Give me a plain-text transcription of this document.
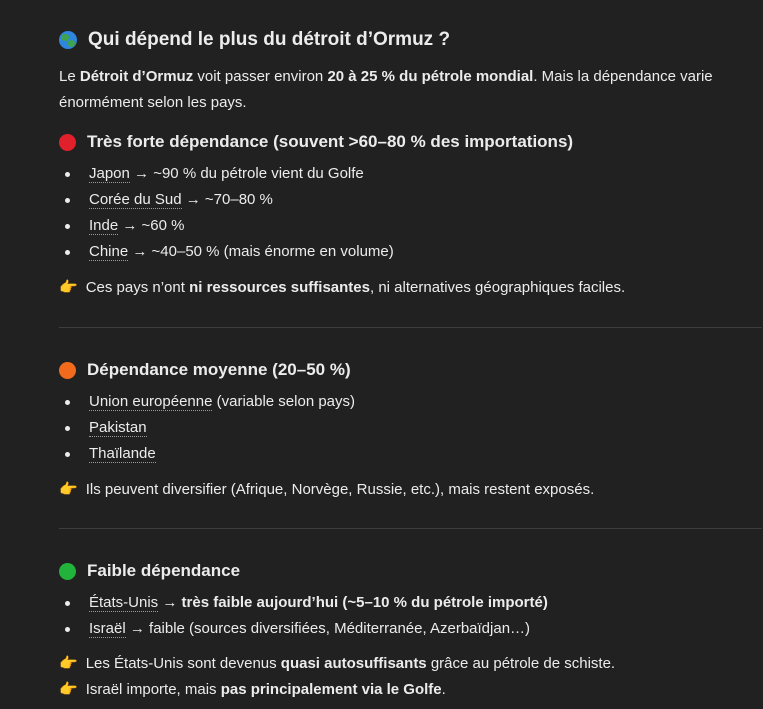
Qui dépend le plus du détroit d’Ormuz ?
Le Détroit d’Ormuz voit passer environ 20 à 25 % du pétrole mondial. Mais la dépendance varie énormément selon les pays.
Très forte dépendance (souvent >60–80 % des importations)
Japon → ~90 % du pétrole vient du Golfe
Corée du Sud → ~70–80 %
Inde → ~60 %
Chine → ~40–50 % (mais énorme en volume)
👉 Ces pays n’ont ni ressources suffisantes, ni alternatives géographiques faciles.
Dépendance moyenne (20–50 %)
Union européenne (variable selon pays)
Pakistan
Thaïlande
👉 Ils peuvent diversifier (Afrique, Norvège, Russie, etc.), mais restent exposés.
Faible dépendance
États-Unis → très faible aujourd’hui (~5–10 % du pétrole importé)
Israël → faible (sources diversifiées, Méditerranée, Azerbaïdjan…)
👉 Les États-Unis sont devenus quasi autosuffisants grâce au pétrole de schiste.
👉 Israël importe, mais pas principalement via le Golfe.
